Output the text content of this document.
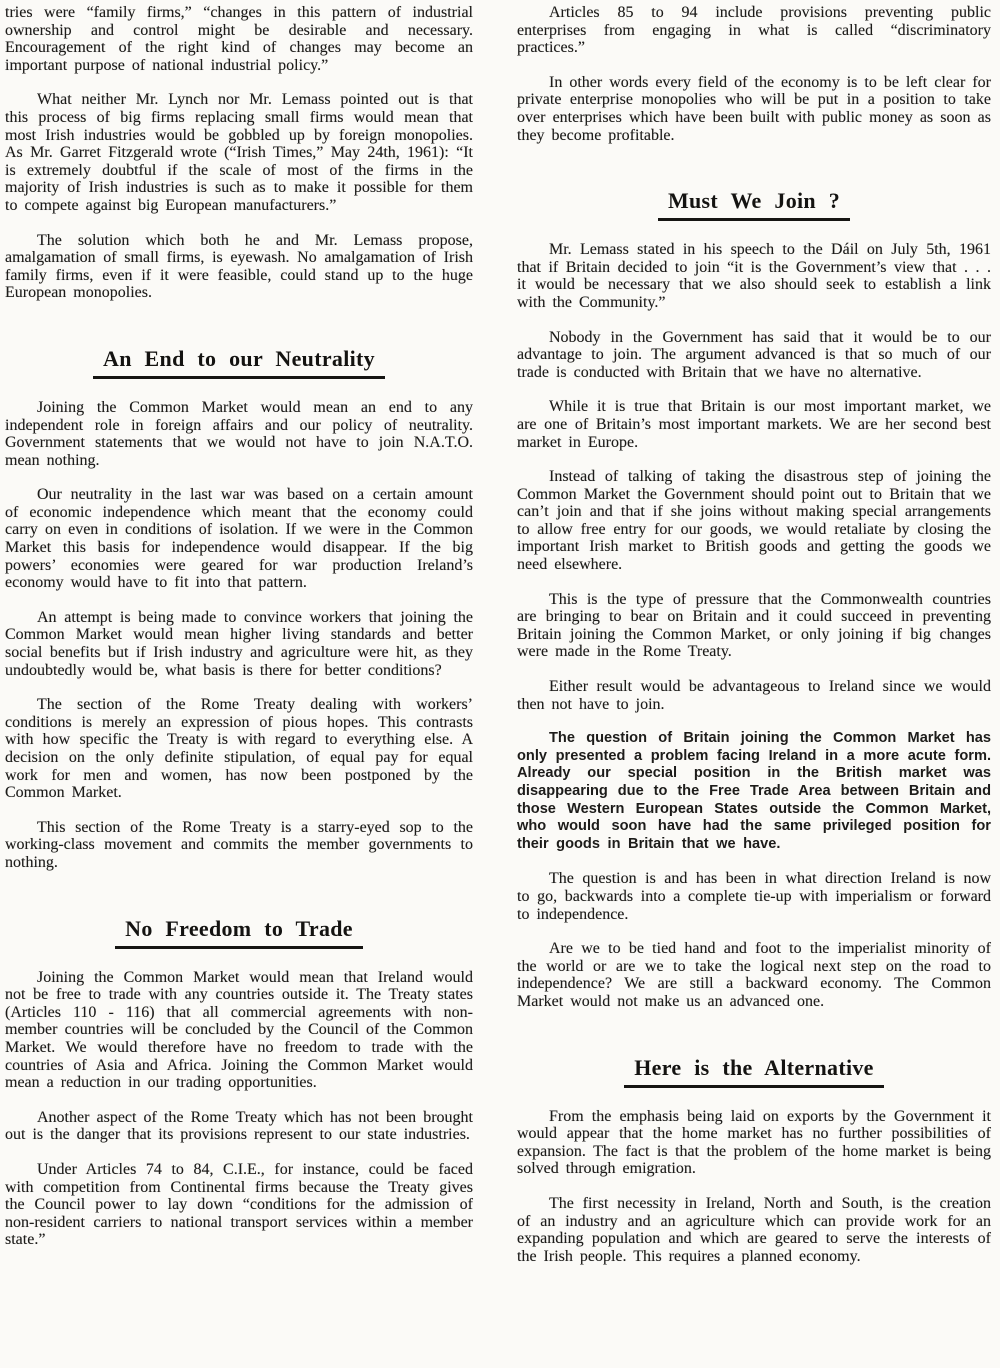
tries were “family firms,” “changes in this pattern of industrial ownership and control might be desirable and necessary. Encouragement of the right kind of changes may become an important purpose of national industrial policy.”

What neither Mr. Lynch nor Mr. Lemass pointed out is that this process of big firms replacing small firms would mean that most Irish industries would be gobbled up by foreign monopolies. As Mr. Garret Fitzgerald wrote (“Irish Times,” May 24th, 1961): “It is extremely doubtful if the scale of most of the firms in the majority of Irish industries is such as to make it possible for them to compete against big European manufacturers.”

The solution which both he and Mr. Lemass propose, amalgamation of small firms, is eyewash. No amalgamation of Irish family firms, even if it were feasible, could stand up to the huge European monopolies.

An End to our Neutrality

Joining the Common Market would mean an end to any independent role in foreign affairs and our policy of neutrality. Government statements that we would not have to join N.A.T.O. mean nothing.

Our neutrality in the last war was based on a certain amount of economic independence which meant that the economy could carry on even in conditions of isolation. If we were in the Common Market this basis for independence would disappear. If the big powers’ economies were geared for war production Ireland’s economy would have to fit into that pattern.

An attempt is being made to convince workers that joining the Common Market would mean higher living standards and better social benefits but if Irish industry and agriculture were hit, as they undoubtedly would be, what basis is there for better conditions?

The section of the Rome Treaty dealing with workers’ conditions is merely an expression of pious hopes. This contrasts with how specific the Treaty is with regard to everything else. A decision on the only definite stipulation, of equal pay for equal work for men and women, has now been postponed by the Common Market.

This section of the Rome Treaty is a starry-eyed sop to the working-class movement and commits the member governments to nothing.

No Freedom to Trade

Joining the Common Market would mean that Ireland would not be free to trade with any countries outside it. The Treaty states (Articles 110 - 116) that all commercial agreements with non-member countries will be concluded by the Council of the Common Market. We would therefore have no freedom to trade with the countries of Asia and Africa. Joining the Common Market would mean a reduction in our trading opportunities.

Another aspect of the Rome Treaty which has not been brought out is the danger that its provisions represent to our state industries.

Under Articles 74 to 84, C.I.E., for instance, could be faced with competition from Continental firms because the Treaty gives the Council power to lay down “conditions for the admission of non-resident carriers to national transport services within a member state.”

Articles 85 to 94 include provisions preventing public enterprises from engaging in what is called “discriminatory practices.”

In other words every field of the economy is to be left clear for private enterprise monopolies who will be put in a position to take over enterprises which have been built with public money as soon as they become profitable.

Must We Join ?

Mr. Lemass stated in his speech to the Dáil on July 5th, 1961 that if Britain decided to join “it is the Government’s view that . . . it would be necessary that we also should seek to establish a link with the Community.”

Nobody in the Government has said that it would be to our advantage to join. The argument advanced is that so much of our trade is conducted with Britain that we have no alternative.

While it is true that Britain is our most important market, we are one of Britain’s most important markets. We are her second best market in Europe.

Instead of talking of taking the disastrous step of joining the Common Market the Government should point out to Britain that we can’t join and that if she joins without making special arrangements to allow free entry for our goods, we would retaliate by closing the important Irish market to British goods and getting the goods we need elsewhere.

This is the type of pressure that the Commonwealth countries are bringing to bear on Britain and it could succeed in preventing Britain joining the Common Market, or only joining if big changes were made in the Rome Treaty.

Either result would be advantageous to Ireland since we would then not have to join.

The question of Britain joining the Common Market has only presented a problem facing Ireland in a more acute form. Already our special position in the British market was disappearing due to the Free Trade Area between Britain and those Western European States outside the Common Market, who would soon have had the same privileged position for their goods in Britain that we have.

The question is and has been in what direction Ireland is now to go, backwards into a complete tie-up with imperialism or forward to independence.

Are we to be tied hand and foot to the imperialist minority of the world or are we to take the logical next step on the road to independence? We are still a backward economy. The Common Market would not make us an advanced one.

Here is the Alternative

From the emphasis being laid on exports by the Government it would appear that the home market has no further possibilities of expansion. The fact is that the problem of the home market is being solved through emigration.

The first necessity in Ireland, North and South, is the creation of an industry and an agriculture which can provide work for an expanding population and which are geared to serve the interests of the Irish people. This requires a planned economy.
